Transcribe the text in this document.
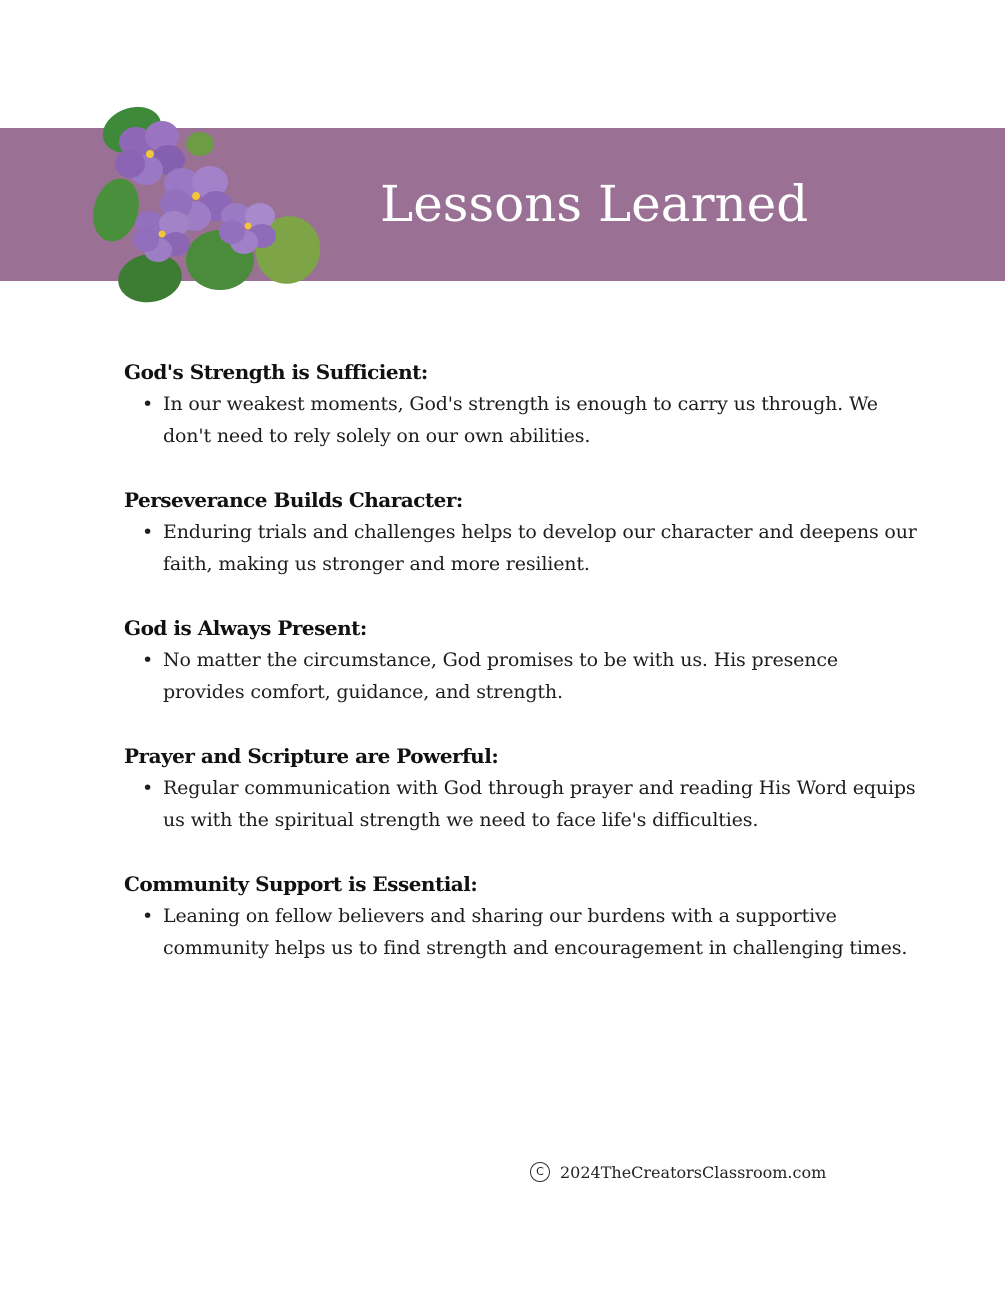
Lessons Learned
God's Strength is Sufficient:
• In our weakest moments, God's strength is enough to carry us through. We don't need to rely solely on our own abilities.
Perseverance Builds Character:
• Enduring trials and challenges helps to develop our character and deepens our faith, making us stronger and more resilient.
God is Always Present:
• No matter the circumstance, God promises to be with us. His presence provides comfort, guidance, and strength.
Prayer and Scripture are Powerful:
• Regular communication with God through prayer and reading His Word equips us with the spiritual strength we need to face life's difficulties.
Community Support is Essential:
• Leaning on fellow believers and sharing our burdens with a supportive community helps us to find strength and encouragement in challenging times.
C	2024TheCreatorsClassroom.com
